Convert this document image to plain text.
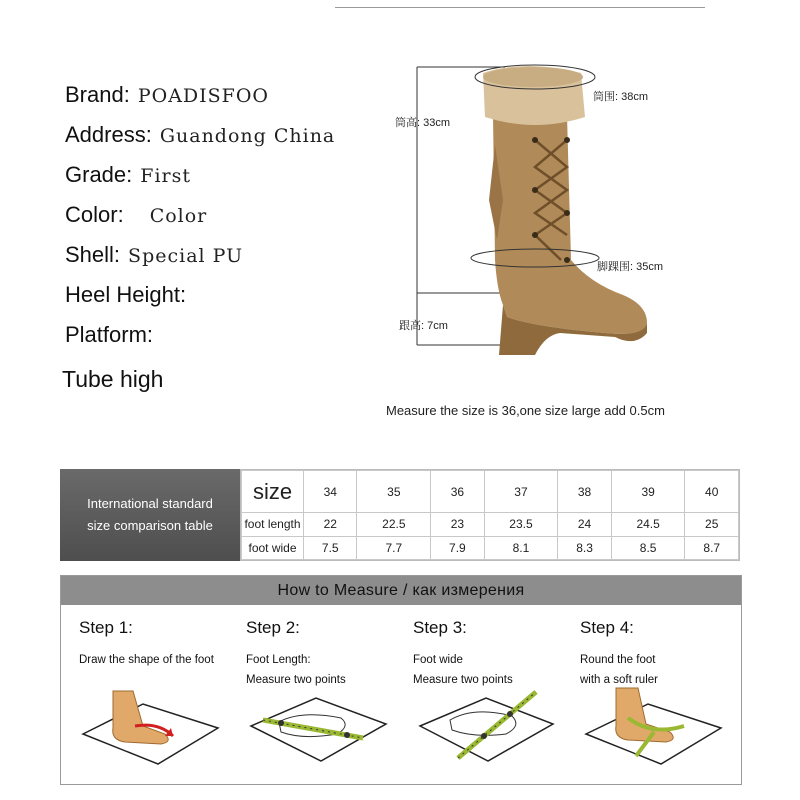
Brand: POADISFOO
Address: Guandong China
Grade: First
Color: Color
Shell: Special PU
Heel Height:
Platform:
Tube high
筒围: 38cm
筒高: 33cm
脚踝围: 35cm
跟高: 7cm
Measure the size is 36,one size large add 0.5cm
International standard
size comparison table
size	34	35	36	37	38	39	40
foot length	22	22.5	23	23.5	24	24.5	25
foot wide	7.5	7.7	7.9	8.1	8.3	8.5	8.7
How to Measure / как измерения
Step 1:
Draw the shape of the foot
Step 2:
Foot Length:
Measure two points
Step 3:
Foot wide
Measure two points
Step 4:
Round the foot
with a soft ruler
